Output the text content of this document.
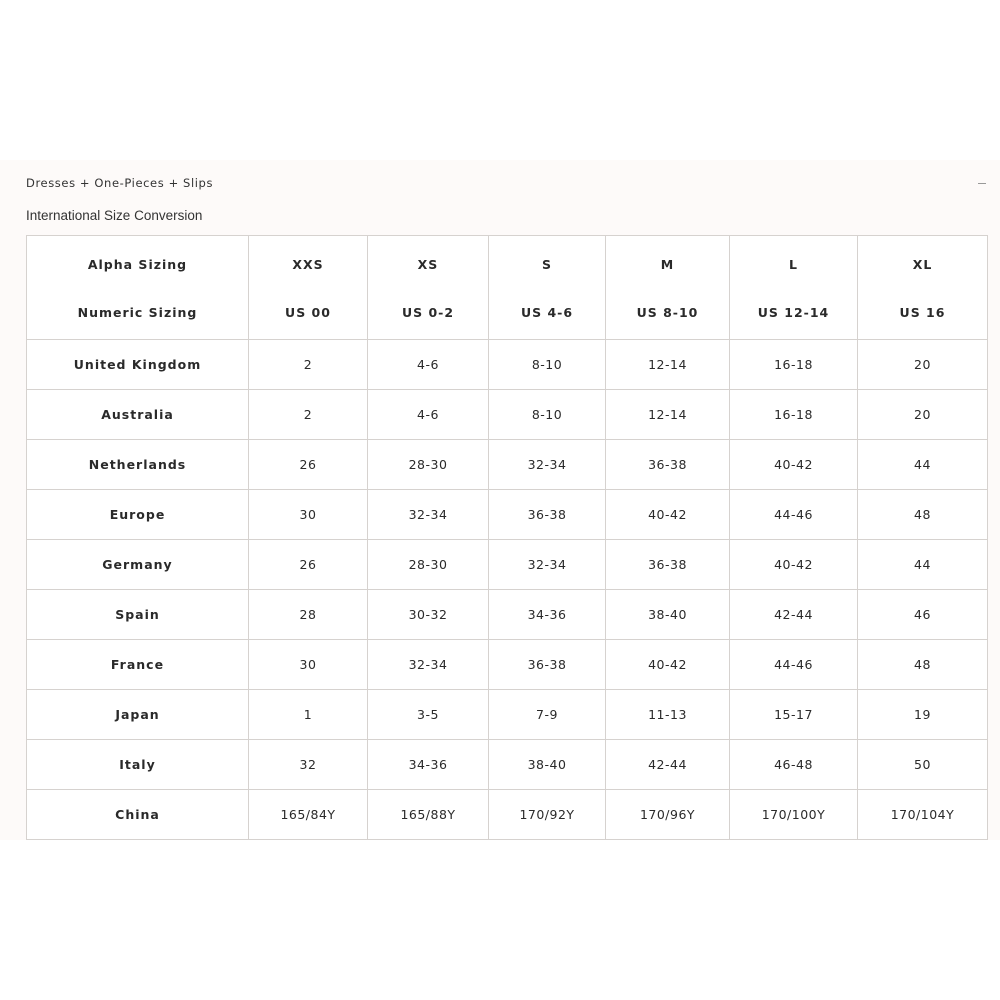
Dresses + One-Pieces + Slips
International Size Conversion
Alpha Sizing	XXS	XS	S	M	L	XL
Numeric Sizing	US 00	US 0-2	US 4-6	US 8-10	US 12-14	US 16
United Kingdom	2	4-6	8-10	12-14	16-18	20
Australia	2	4-6	8-10	12-14	16-18	20
Netherlands	26	28-30	32-34	36-38	40-42	44
Europe	30	32-34	36-38	40-42	44-46	48
Germany	26	28-30	32-34	36-38	40-42	44
Spain	28	30-32	34-36	38-40	42-44	46
France	30	32-34	36-38	40-42	44-46	48
Japan	1	3-5	7-9	11-13	15-17	19
Italy	32	34-36	38-40	42-44	46-48	50
China	165/84Y	165/88Y	170/92Y	170/96Y	170/100Y	170/104Y
